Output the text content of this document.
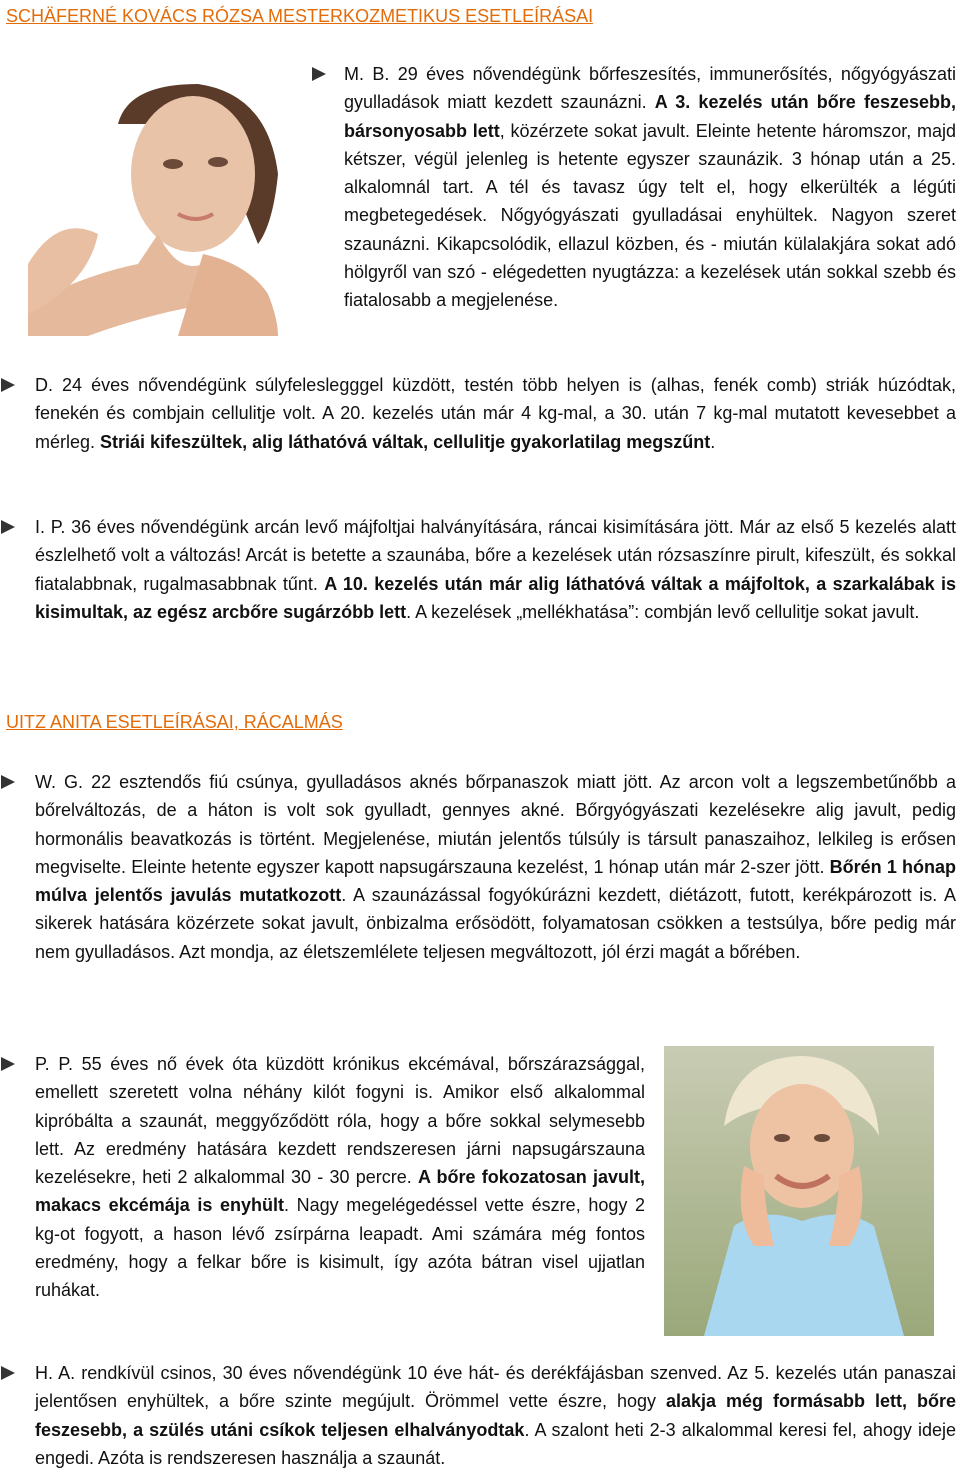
SCHÄFERNÉ KOVÁCS RÓZSA MESTERKOZMETIKUS ESETLEÍRÁSAI

M. B. 29 éves nővendégünk bőrfeszesítés, immunerősítés, nőgyógyászati gyulladások miatt kezdett szaunázni. A 3. kezelés után bőre feszesebb, bársonyosabb lett, közérzete sokat javult. Eleinte hetente háromszor, majd kétszer, végül jelenleg is hetente egyszer szaunázik. 3 hónap után a 25. alkalomnál tart. A tél és tavasz úgy telt el, hogy elkerülték a légúti megbetegedések. Nőgyógyászati gyulladásai enyhültek. Nagyon szeret szaunázni. Kikapcsolódik, ellazul közben, és - miután külalakjára sokat adó hölgyről van szó - elégedetten nyugtázza: a kezelések után sokkal szebb és fiatalosabb a megjelenése.

D. 24 éves nővendégünk súlyfeleslegggel küzdött, testén több helyen is (alhas, fenék comb) striák húzódtak, fenekén és combjain cellulitje volt. A 20. kezelés után már 4 kg-mal, a 30. után 7 kg-mal mutatott kevesebbet a mérleg. Striái kifeszültek, alig láthatóvá váltak, cellulitje gyakorlatilag megszűnt.

I. P. 36 éves nővendégünk arcán levő májfoltjai halványítására, ráncai kisimítására jött. Már az első 5 kezelés alatt észlelhető volt a változás! Arcát is betette a szaunába, bőre a kezelések után rózsaszínre pirult, kifeszült, és sokkal fiatalabbnak, rugalmasabbnak tűnt. A 10. kezelés után már alig láthatóvá váltak a májfoltok, a szarkalábak is kisimultak, az egész arcbőre sugárzóbb lett. A kezelések „mellékhatása”: combján levő cellulitje sokat javult.

UITZ ANITA ESETLEÍRÁSAI, RÁCALMÁS

W. G. 22 esztendős fiú csúnya, gyulladásos aknés bőrpanaszok miatt jött. Az arcon volt a legszembetűnőbb a bőrelváltozás, de a háton is volt sok gyulladt, gennyes akné. Bőrgyógyászati kezelésekre alig javult, pedig hormonális beavatkozás is történt. Megjelenése, miután jelentős túlsúly is társult panaszaihoz, lelkileg is erősen megviselte. Eleinte hetente egyszer kapott napsugárszauna kezelést, 1 hónap után már 2-szer jött. Bőrén 1 hónap múlva jelentős javulás mutatkozott. A szaunázással fogyókúrázni kezdett, diétázott, futott, kerékpározott is. A sikerek hatására közérzete sokat javult, önbizalma erősödött, folyamatosan csökken a testsúlya, bőre pedig már nem gyulladásos. Azt mondja, az életszemlélete teljesen megváltozott, jól érzi magát a bőrében.

P. P. 55 éves nő évek óta küzdött krónikus ekcémával, bőrszárazsággal, emellett szeretett volna néhány kilót fogyni is. Amikor első alkalommal kipróbálta a szaunát, meggyőződött róla, hogy a bőre sokkal selymesebb lett. Az eredmény hatására kezdett rendszeresen járni napsugárszauna kezelésekre, heti 2 alkalommal 30 - 30 percre. A bőre fokozatosan javult, makacs ekcémája is enyhült. Nagy megelégedéssel vette észre, hogy 2 kg-ot fogyott, a hason lévő zsírpárna leapadt. Ami számára még fontos eredmény, hogy a felkar bőre is kisimult, így azóta bátran visel ujjatlan ruhákat.

H. A. rendkívül csinos, 30 éves nővendégünk 10 éve hát- és derékfájásban szenved. Az 5. kezelés után panaszai jelentősen enyhültek, a bőre szinte megújult. Örömmel vette észre, hogy alakja még formásabb lett, bőre feszesebb, a szülés utáni csíkok teljesen elhalványodtak. A szalont heti 2-3 alkalommal keresi fel, ahogy ideje engedi. Azóta is rendszeresen használja a szaunát.
